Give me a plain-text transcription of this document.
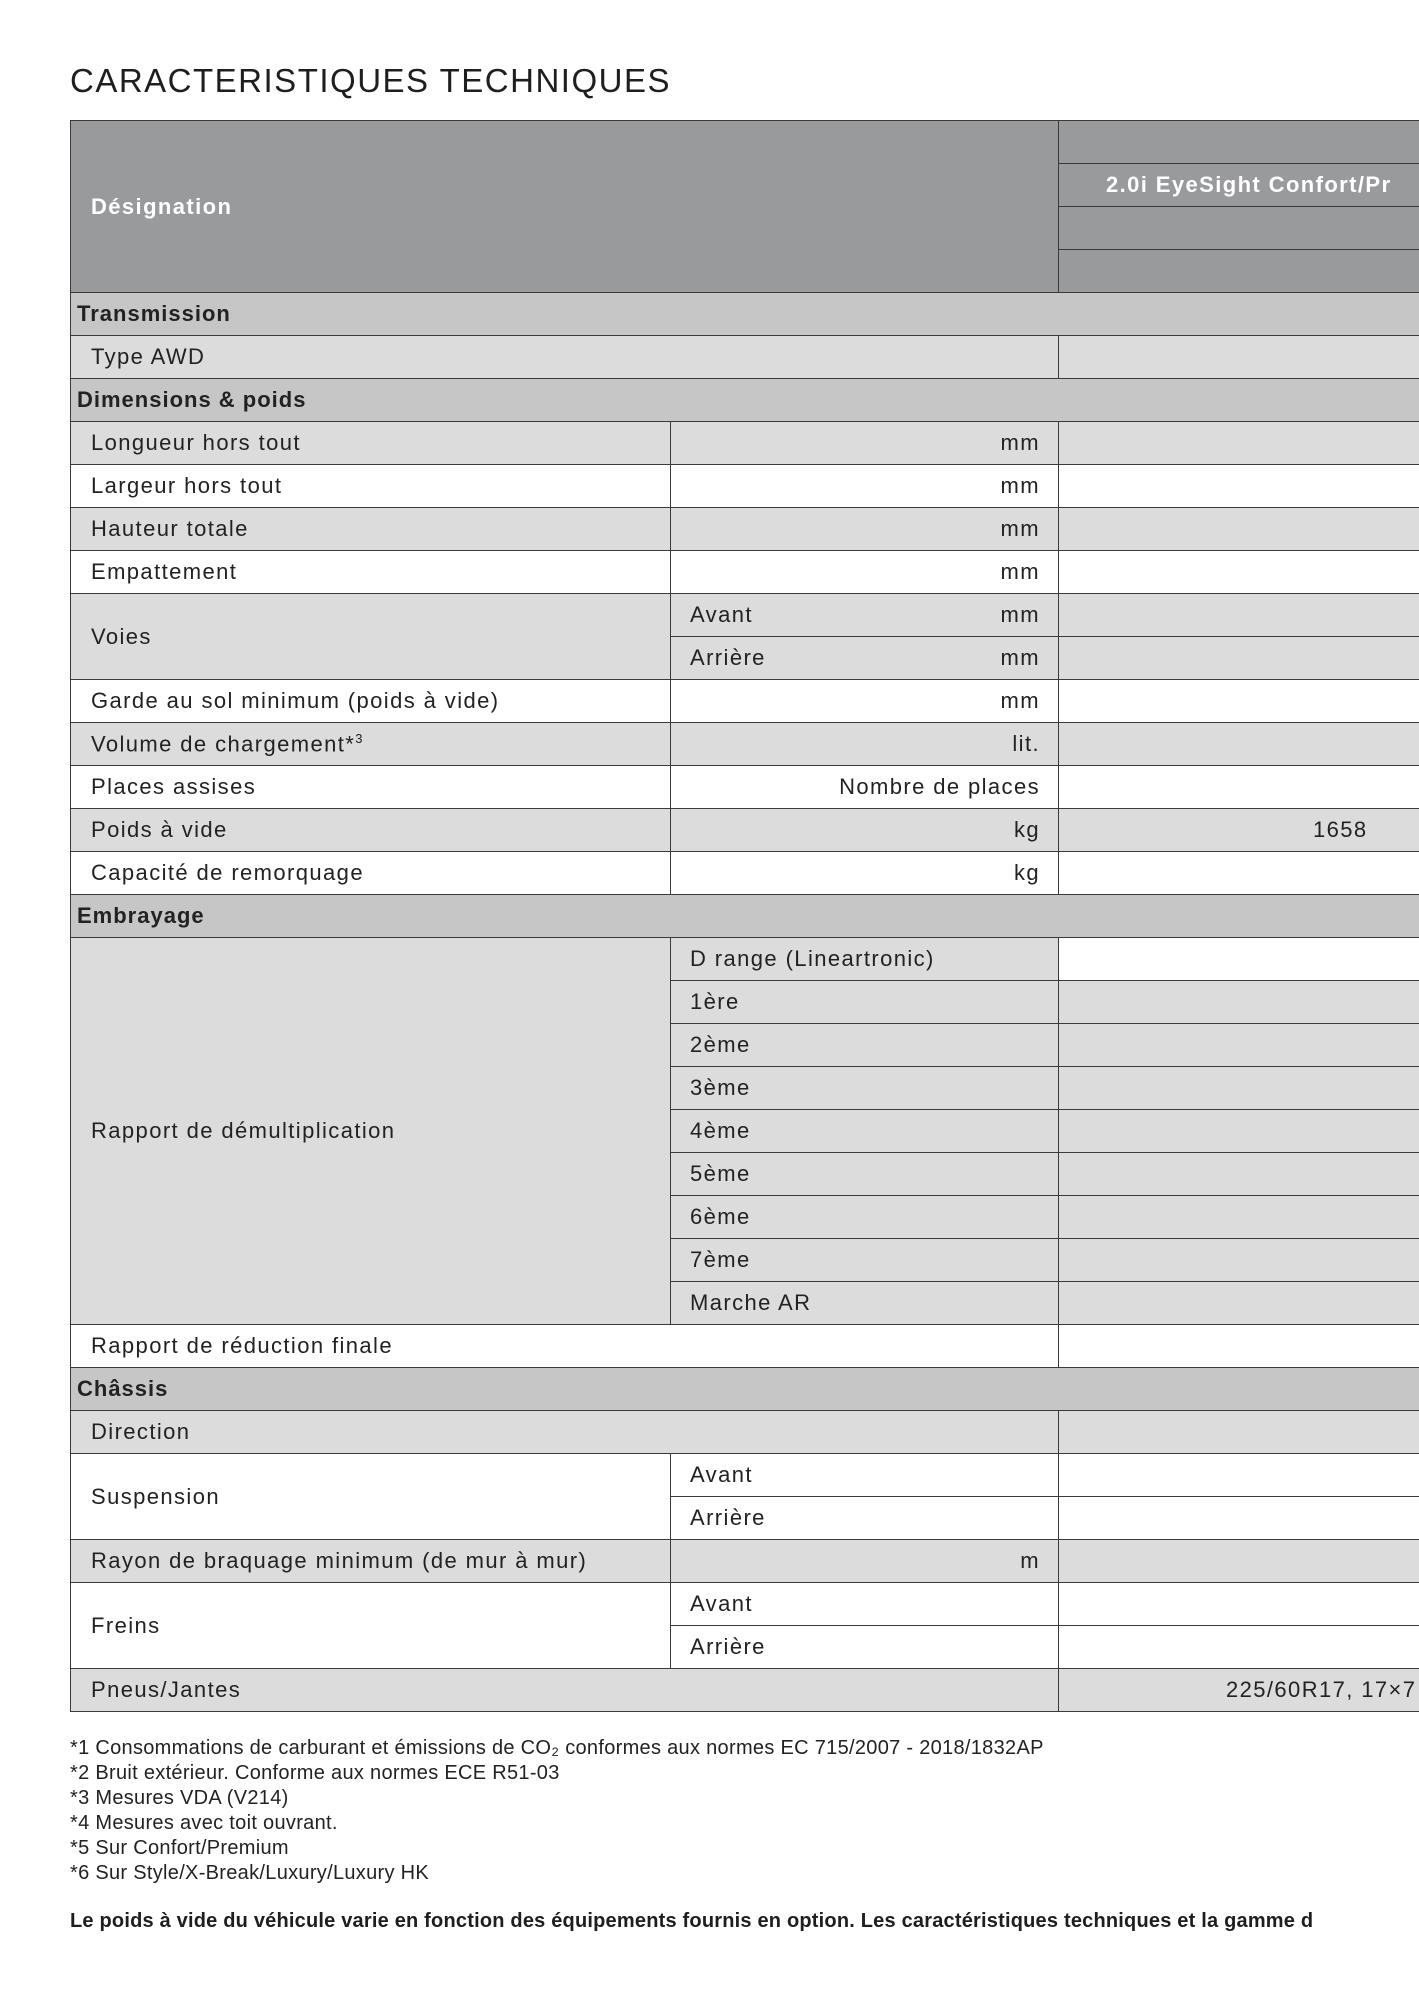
CARACTERISTIQUES TECHNIQUES
Désignation		
		2.0i EyeSight Confort/Pr

Transmission		
Type AWD		
Dimensions & poids		
Longueur hors tout	mm	
Largeur hors tout	mm	
Hauteur totale	mm	
Empattement	mm	
Voies	Avant mm	

	Arrière mm	

Garde au sol minimum (poids à vide)	mm	
Volume de chargement*$^3$	lit.	
Places assises	Nombre de places	
Poids à vide	kg	1658
Capacité de remorquage	kg	
Embrayage		
Rapport de démultiplication	D range (Lineartronic)	
	1ère	
	2ème	
	3ème	
	4ème	
	5ème	
	6ème	
	7ème	
	Marche AR	
Rapport de réduction finale		
Châssis		
Direction		
Suspension	Avant	
	Arrière	
Rayon de braquage minimum (de mur à mur)	m	
Freins	Avant	
	Arrière	
Pneus/Jantes		225/60R17, 17×7
*1 Consommations de carburant et émissions de CO₂ conformes aux normes EC 715/2007 - 2018/1832AP
*2 Bruit extérieur. Conforme aux normes ECE R51-03
*3 Mesures VDA (V214)
*4 Mesures avec toit ouvrant.
*5 Sur Confort/Premium
*6 Sur Style/X-Break/Luxury/Luxury HK
Le poids à vide du véhicule varie en fonction des équipements fournis en option. Les caractéristiques techniques et la gamme d
